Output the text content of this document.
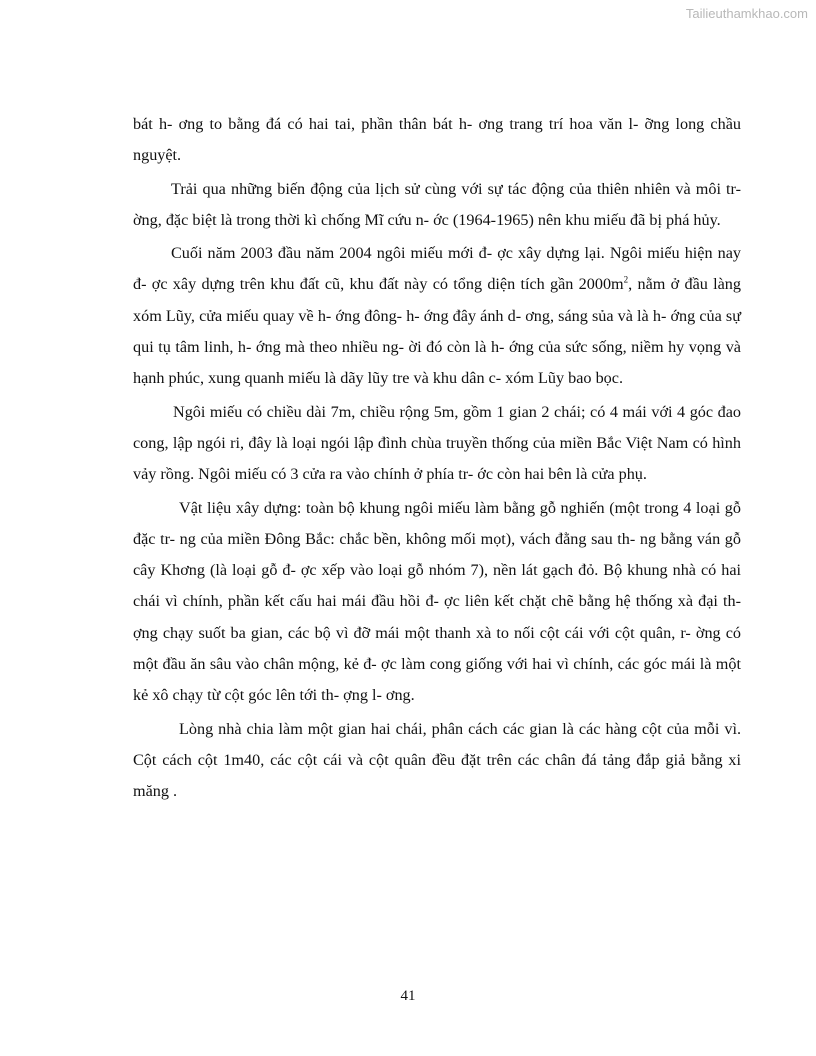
Tailieuthamkhao.com

bát h- ơng to bằng đá có hai tai, phần thân bát h- ơng trang trí hoa văn l- ỡng long chầu nguyệt.

Trải qua những biến động của lịch sử cùng với sự tác động của thiên nhiên và môi tr- ờng, đặc biệt là trong thời kì chống Mĩ cứu n- ớc (1964-1965) nên khu miếu đã bị phá hủy.

Cuối năm 2003 đầu năm 2004 ngôi miếu mới đ- ợc xây dựng lại. Ngôi miếu hiện nay đ- ợc xây dựng trên khu đất cũ, khu đất này có tổng diện tích gần $2000m^2$, nằm ở đầu làng xóm Lũy, cửa miếu quay về h- ớng đông- h- ớng đây ánh d- ơng, sáng sủa và là h- ớng của sự qui tụ tâm linh, h- ớng mà theo nhiều ng- ời đó còn là h- ớng của sức sống, niềm hy vọng và hạnh phúc, xung quanh miếu là dãy lũy tre và khu dân c- xóm Lũy bao bọc.

Ngôi miếu có chiều dài 7m, chiều rộng 5m, gồm 1 gian 2 chái; có 4 mái với 4 góc đao cong, lập ngói ri, đây là loại ngói lập đình chùa truyền thống của miền Bắc Việt Nam có hình vảy rồng. Ngôi miếu có 3 cửa ra vào chính ở phía tr- ớc còn hai bên là cửa phụ.

Vật liệu xây dựng: toàn bộ khung ngôi miếu làm bằng gỗ nghiến (một trong 4 loại gỗ đặc tr- ng của miền Đông Bắc: chắc bền, không mối mọt), vách đằng sau th- ng bằng ván gỗ cây Khơng (là loại gỗ đ- ợc xếp vào loại gỗ nhóm 7), nền lát gạch đỏ. Bộ khung nhà có hai chái vì chính, phần kết cấu hai mái đầu hồi đ- ợc liên kết chặt chẽ bằng hệ thống xà đại th- ợng chạy suốt ba gian, các bộ vì đỡ mái một thanh xà to nối cột cái với cột quân, r- ờng có một đầu ăn sâu vào chân mộng, kẻ đ- ợc làm cong giống với hai vì chính, các góc mái là một kẻ xô chạy từ cột góc lên tới th- ợng l- ơng.

Lòng nhà chia làm một gian hai chái, phân cách các gian là các hàng cột của mỗi vì. Cột cách cột 1m40, các cột cái và cột quân đều đặt trên các chân đá tảng đắp giả bằng xi măng .

41
